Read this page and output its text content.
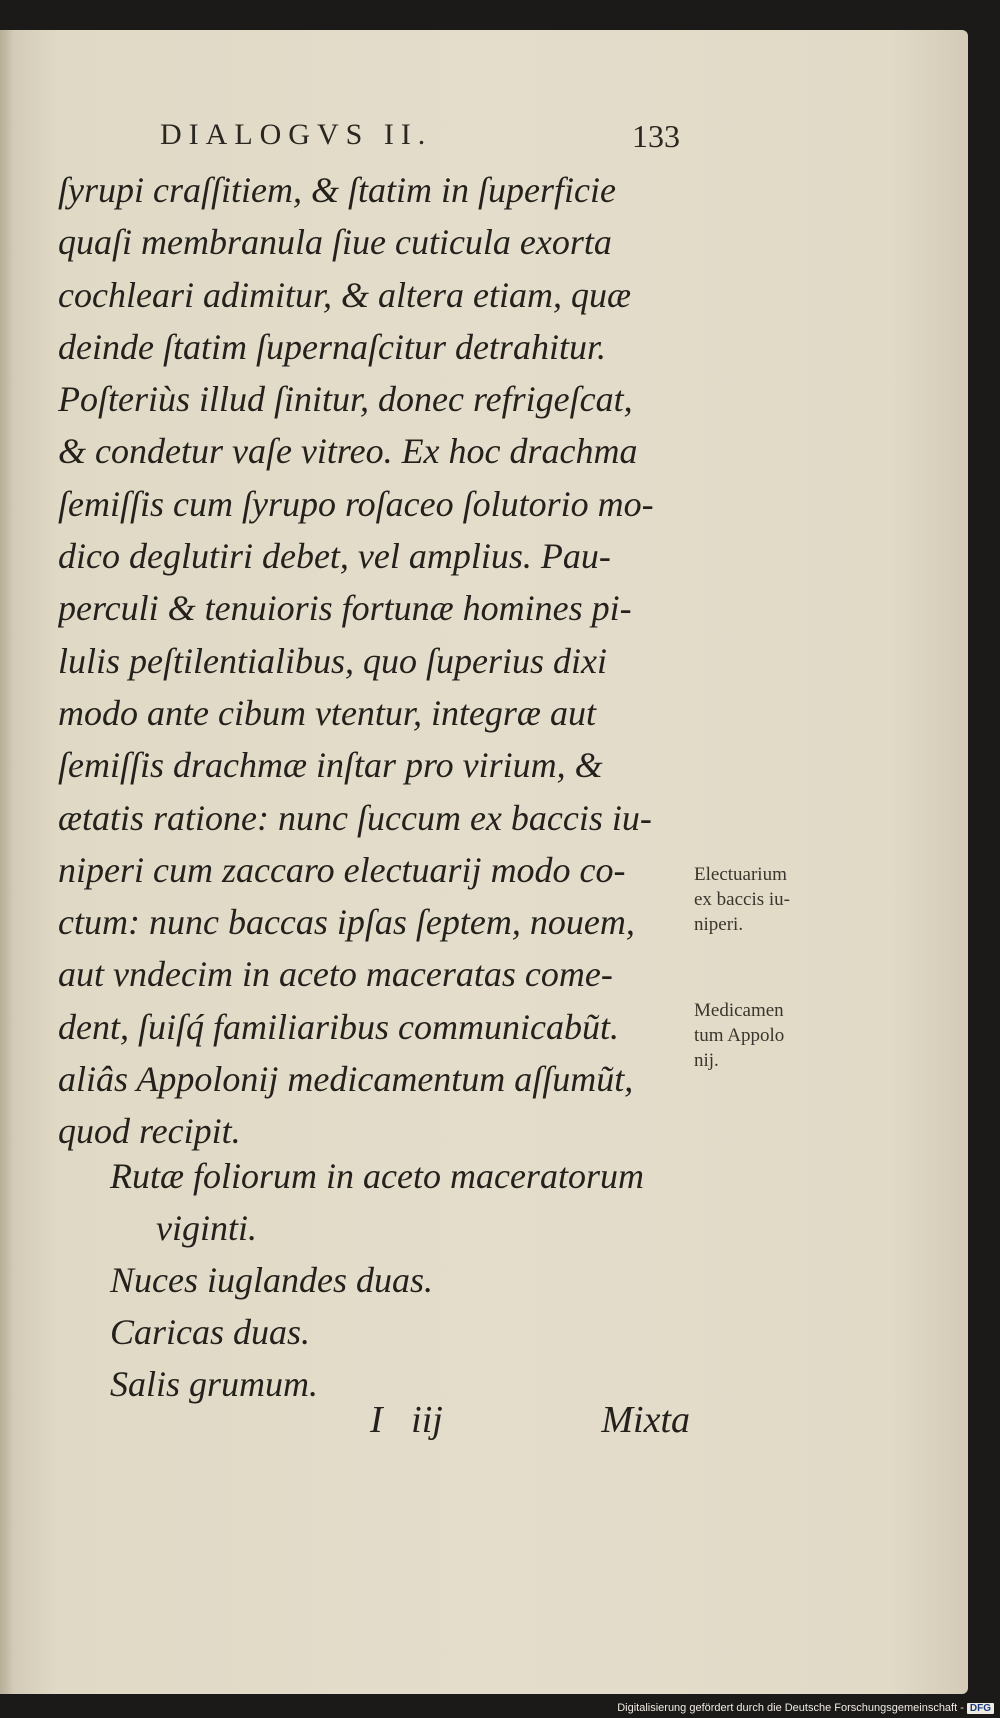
DIALOGVS II.	133
ſyrupi craſſitiem, & ſtatim in ſuperficie
quaſi membranula ſiue cuticula exorta
cochleari adimitur, & altera etiam, quæ
deinde ſtatim ſupernaſcitur detrahitur.
Poſteriùs illud ſinitur, donec refrigeſcat,
& condetur vaſe vitreo. Ex hoc drachma
ſemiſſis cum ſyrupo roſaceo ſolutorio mo-
dico deglutiri debet, vel amplius. Pau-
perculi & tenuioris fortunæ homines pi-
lulis peſtilentialibus, quo ſuperius dixi
modo ante cibum vtentur, integræ aut
ſemiſſis drachmæ inſtar pro virium, &
ætatis ratione: nunc ſuccum ex baccis iu-
niperi cum zaccaro electuarij modo co-
ctum: nunc baccas ipſas ſeptem, nouem,
aut vndecim in aceto maceratas come-
dent, ſuiſq́ familiaribus communicabũt.
aliâs Appolonij medicamentum aſſumũt,
quod recipit.
Rutæ foliorum in aceto maceratorum
viginti.
Nuces iuglandes duas.
Caricas duas.
Salis grumum.
Electuarium
ex baccis iu-
niperi.
Medicamen
tum Appolo
nij.
I   iij	Mixta
Digitalisierung gefördert durch die Deutsche Forschungsgemeinschaft - DFG
